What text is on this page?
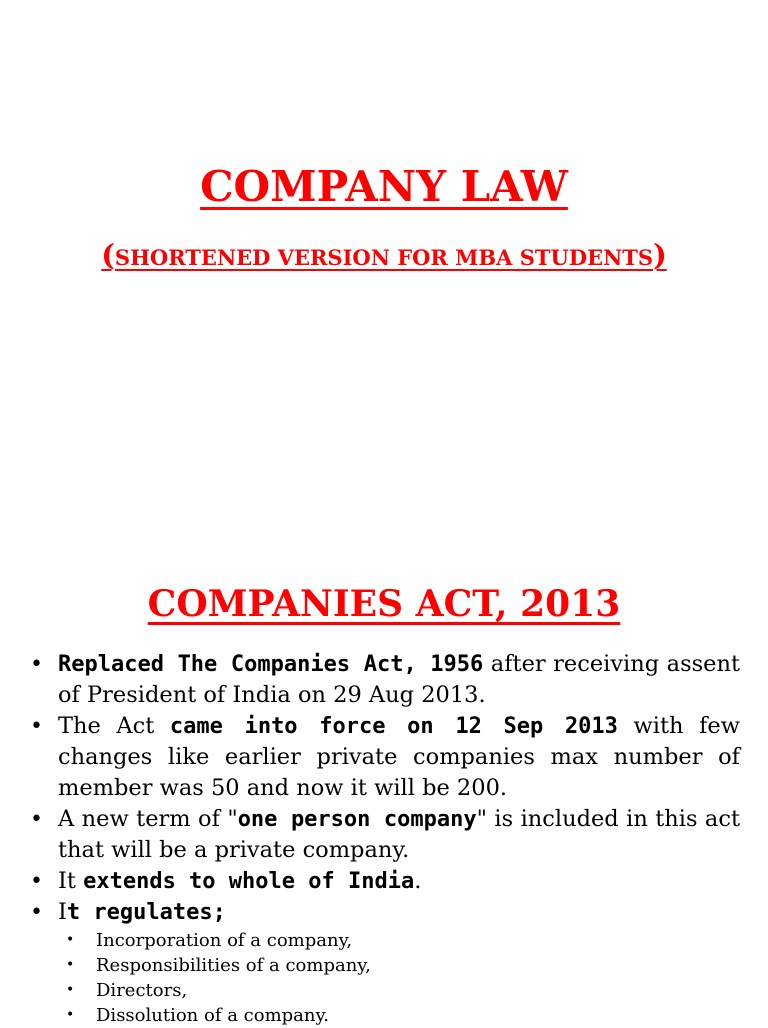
COMPANY LAW
(SHORTENED VERSION FOR MBA STUDENTS)
COMPANIES ACT, 2013
• Replaced The Companies Act, 1956 after receiving assent of President of India on 29 Aug 2013.
• The Act came into force on 12 Sep 2013 with few changes like earlier private companies max number of member was 50 and now it will be 200.
• A new term of "one person company" is included in this act that will be a private company.
• It extends to whole of India.
• It regulates;
• Incorporation of a company,
• Responsibilities of a company,
• Directors,
• Dissolution of a company.
